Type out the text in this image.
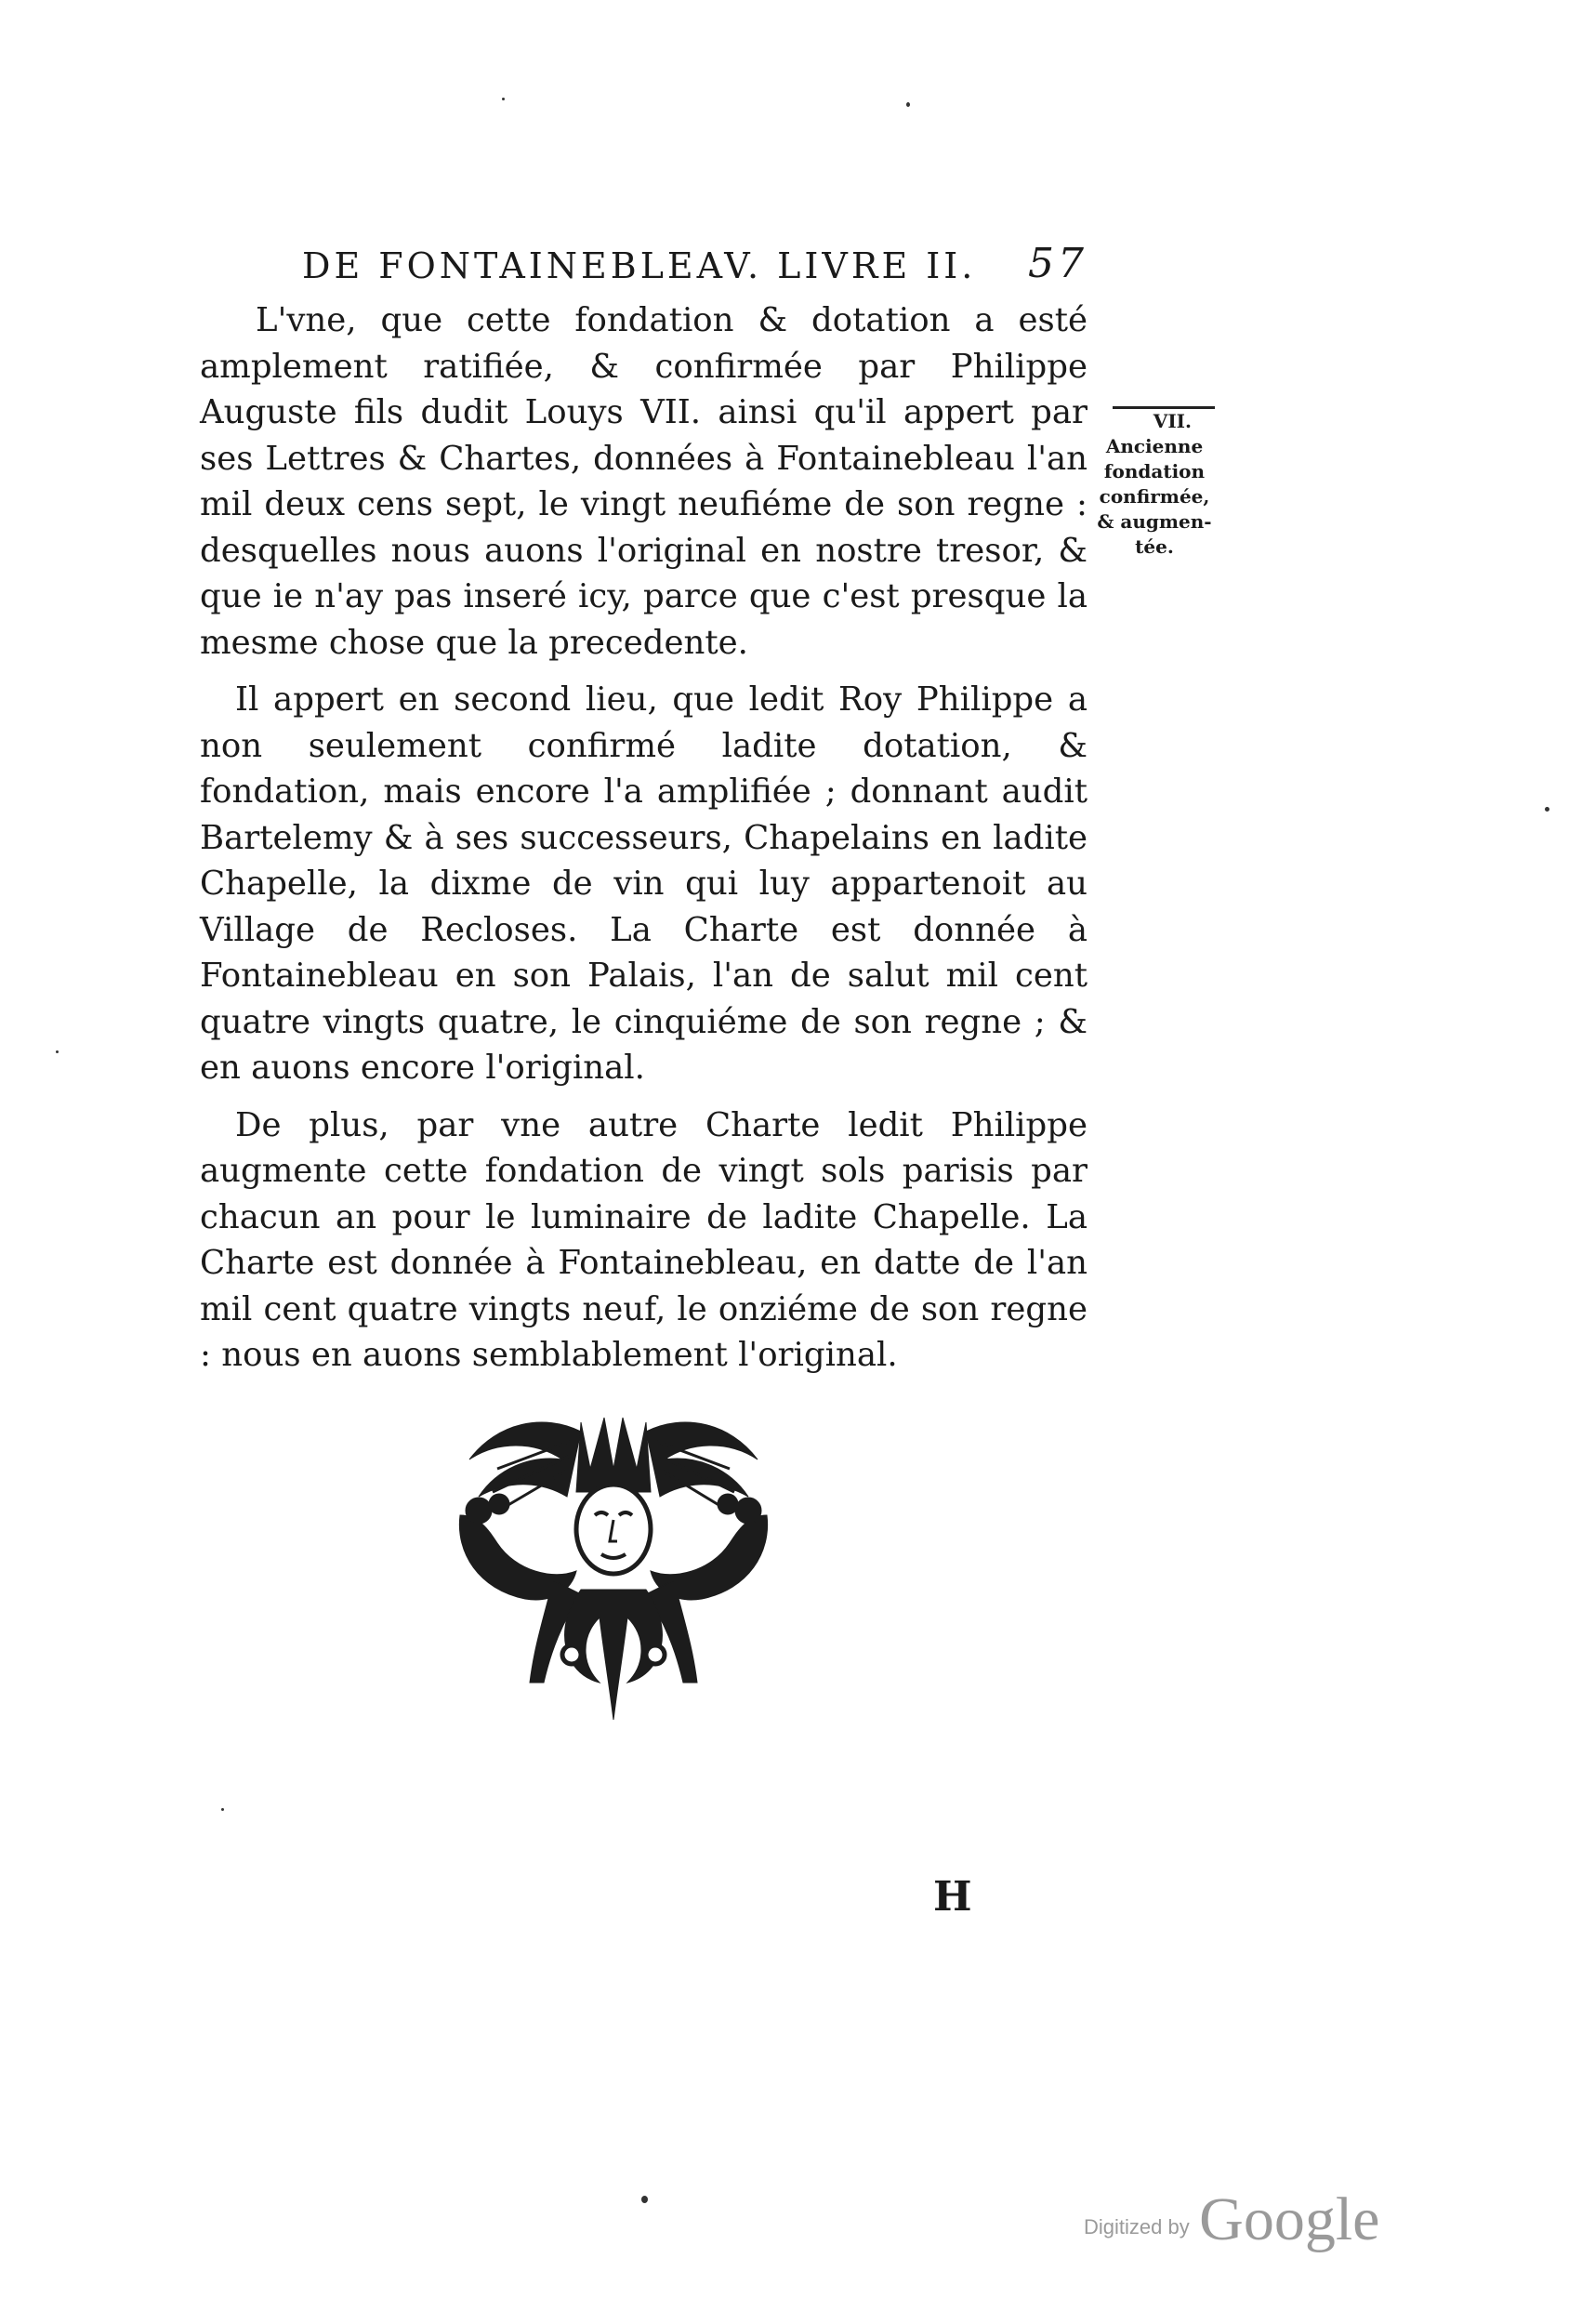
DE FONTAINEBLEAV. LIVRE II. 57

L'vne, que cette fondation & dotation a esté amplement ratifiée, & confirmée par Philippe Auguste fils dudit Louys VII. ainsi qu'il appert par ses Lettres & Chartes, données à Fontainebleau l'an mil deux cens sept, le vingt neufiéme de son regne : desquelles nous auons l'original en nostre tresor, & que ie n'ay pas inseré icy, parce que c'est presque la mesme chose que la precedente.

Il appert en second lieu, que ledit Roy Philippe a non seulement confirmé ladite dotation, & fondation, mais encore l'a amplifiée ; donnant audit Bartelemy & à ses successeurs, Chapelains en ladite Chapelle, la dixme de vin qui luy appartenoit au Village de Recloses. La Charte est donnée à Fontainebleau en son Palais, l'an de salut mil cent quatre vingts quatre, le cinquiéme de son regne ; & en auons encore l'original.

De plus, par vne autre Charte ledit Philippe augmente cette fondation de vingt sols parisis par chacun an pour le luminaire de ladite Chapelle. La Charte est donnée à Fontainebleau, en datte de l'an mil cent quatre vingts neuf, le onziéme de son regne : nous en auons semblablement l'original.

VII.
Ancienne
fondation
confirmée,
& augmen-
tée.
H
Digitized by Google
